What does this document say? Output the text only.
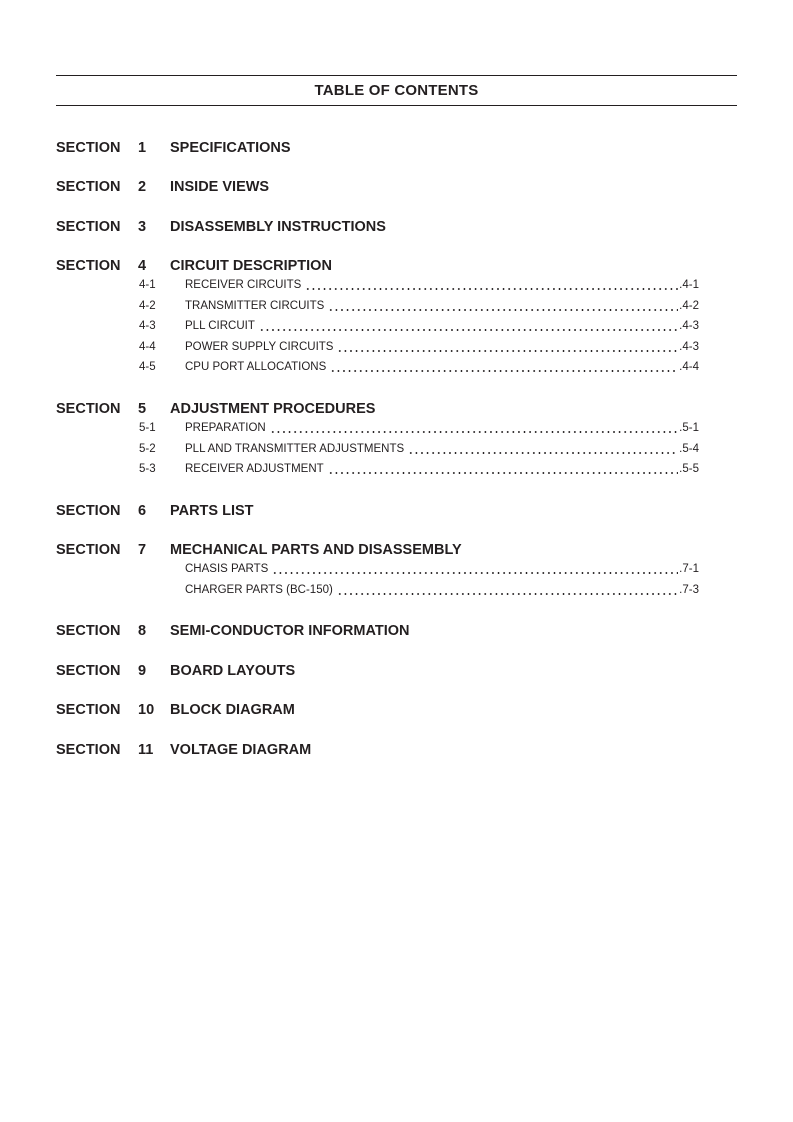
TABLE OF CONTENTS
SECTION 1 SPECIFICATIONS
SECTION 2 INSIDE VIEWS
SECTION 3 DISASSEMBLY INSTRUCTIONS
SECTION 4 CIRCUIT DESCRIPTION
4-1	RECEIVER CIRCUITS	.4-1
4-2	TRANSMITTER CIRCUITS	.4-2
4-3	PLL CIRCUIT	.4-3
4-4	POWER SUPPLY CIRCUITS	.4-3
4-5	CPU PORT ALLOCATIONS	.4-4
SECTION 5 ADJUSTMENT PROCEDURES
5-1	PREPARATION	.5-1
5-2	PLL AND TRANSMITTER ADJUSTMENTS	.5-4
5-3	RECEIVER ADJUSTMENT	.5-5
SECTION 6 PARTS LIST
SECTION 7 MECHANICAL PARTS AND DISASSEMBLY
CHASIS PARTS	.7-1
CHARGER PARTS (BC-150)	.7-3
SECTION 8 SEMI-CONDUCTOR INFORMATION
SECTION 9 BOARD LAYOUTS
SECTION 10 BLOCK DIAGRAM
SECTION 11 VOLTAGE DIAGRAM
